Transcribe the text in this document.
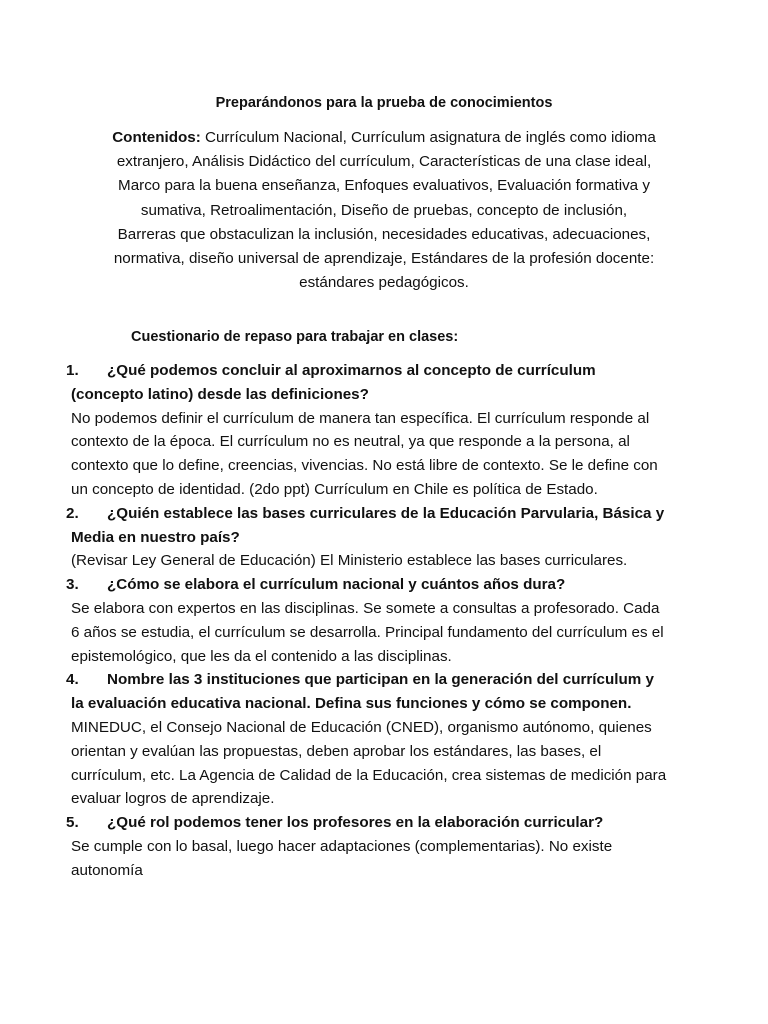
Preparándonos para la prueba de conocimientos
Contenidos: Currículum Nacional, Currículum asignatura de inglés como idioma extranjero, Análisis Didáctico del currículum, Características de una clase ideal, Marco para la buena enseñanza, Enfoques evaluativos, Evaluación formativa y sumativa, Retroalimentación, Diseño de pruebas, concepto de inclusión, Barreras que obstaculizan la inclusión, necesidades educativas, adecuaciones, normativa, diseño universal de aprendizaje, Estándares de la profesión docente: estándares pedagógicos.
Cuestionario de repaso para trabajar en clases:
1.	¿Qué podemos concluir al aproximarnos al concepto de currículum (concepto latino) desde las definiciones?
No podemos definir el currículum de manera tan específica. El currículum responde al contexto de la época. El currículum no es neutral, ya que responde a la persona, al contexto que lo define, creencias, vivencias. No está libre de contexto. Se le define con un concepto de identidad. (2do ppt) Currículum en Chile es política de Estado.
2.	¿Quién establece las bases curriculares de la Educación Parvularia, Básica y Media en nuestro país?
(Revisar Ley General de Educación) El Ministerio establece las bases curriculares.
3.	¿Cómo se elabora el currículum nacional y cuántos años dura?
Se elabora con expertos en las disciplinas. Se somete a consultas a profesorado. Cada 6 años se estudia, el currículum se desarrolla. Principal fundamento del currículum es el epistemológico, que les da el contenido a las disciplinas.
4.	Nombre las 3 instituciones que participan en la generación del currículum y la evaluación educativa nacional. Defina sus funciones y cómo se componen.
MINEDUC, el Consejo Nacional de Educación (CNED), organismo autónomo, quienes orientan y evalúan las propuestas, deben aprobar los estándares, las bases, el currículum, etc. La Agencia de Calidad de la Educación, crea sistemas de medición para evaluar logros de aprendizaje.
5.	¿Qué rol podemos tener los profesores en la elaboración curricular?
Se cumple con lo basal, luego hacer adaptaciones (complementarias). No existe autonomía
